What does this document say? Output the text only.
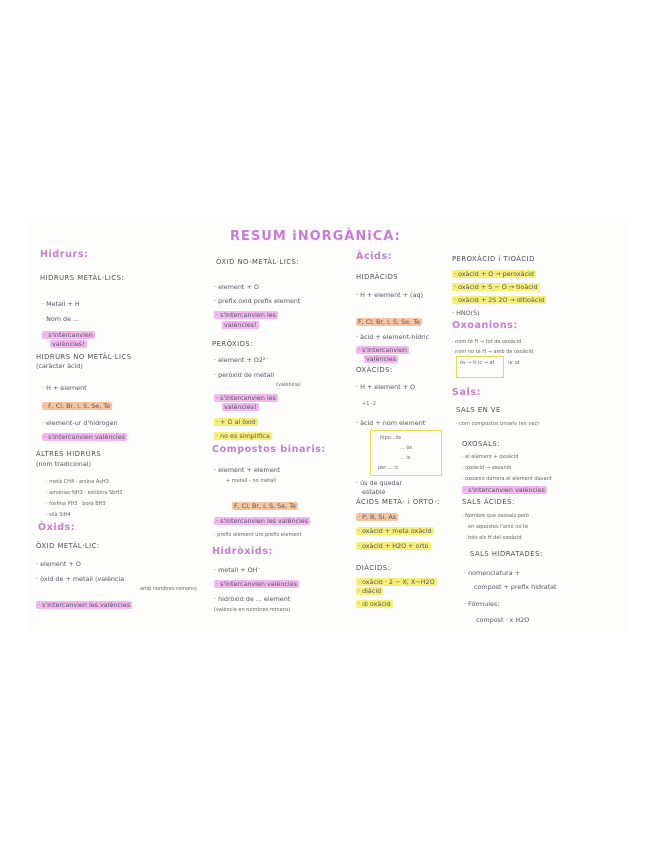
RESUM iNORGÀNiCA:
Hidrurs:
HIDRURS METÀL·LICS:
· Metall + H
· Nom de ...
· s'intercanvien
valències!
HIDRURS NO METÀL·LICS
(caràcter àcid)
· H + element
· F, Cl, Br, I, S, Se, Te
· element-ur d'hidrogen
· s'intercanvien valències
ALTRES HIDRURS
(nom tradicional)
· metà CH4 · arsina AsH3
· amoníac NH3 · estibina SbH3
· fosfina PH3 · borà BH3
· silà SiH4
Òxids:
ÒXID METÀL·LIC:
· element + O
· òxid de + metall (valència
amb nombres romans)
· s'intercanvien les valències
ÒXID NO-METÀL·LICS:
· element + O
· prefix òxid prefix element
· s'intercanvien les
valències!
PERÒXIDS:
· element + O2²⁻
· peròxid de metall
(valència)
· s'intercanvien les
valències!
· + O al òxid
· no es simplifica
Compostos binaris:
· element + element
+ metall - no metall
F, Cl, Br, I, S, Se, Te
· s'intercanvien les valències
· prefix element uro prefix element
Hidròxids:
· metall + OH⁻
· s'intercanvien valències
· hidròxid de ... element
(valència en nombres romans)
Àcids:
HIDRÀCIDS
· H + element + (aq)
F, Cl, Br, I, S, Se, Te
· àcid + element-hídric
· s'intercanvien
valències
OXÀCIDS:
· H + element + O
+1 -2
· àcid + nom element
hipo...ós
... ós
... ic
per ... ic
· ús de quedar
estable
ÀCIDS META- i ORTO-:
· P, B, Si, As
· oxàcid + meta oxàcid
· oxàcid + H2O + orto
DIÀCIDS:
· oxàcid · 2 − X; X−H2O
· diàcid
· di oxàcid
PEROXÀCID i TIOÀCID
· oxàcid + O → peroxàcid
· oxàcid + S − O → tioàcid
· oxàcid + 2S 2O → ditioàcid
· HNO(S)
Oxoanions:
· nom té H → tot de oxoàcid
· nom no té H → amb de oxoàcid
ós → it ic → at	ur at
Sals:
SALS EN VE
· com compostos binaris (en vez)
OXOSALS:
· el element + oxoàcid
· oxoàcid → oxoanió
· oxoanió darrera el element davant
· s'intercanvien valències
SALS ÀCIDES:
· Nombre que oxosals però
en aquestes l'anió no té
tots els H del oxoàcid
SALS HIDRATADES:
· nomenclatura +
compost + prefix hidratat
· Fórmules:
compost · x H2O
